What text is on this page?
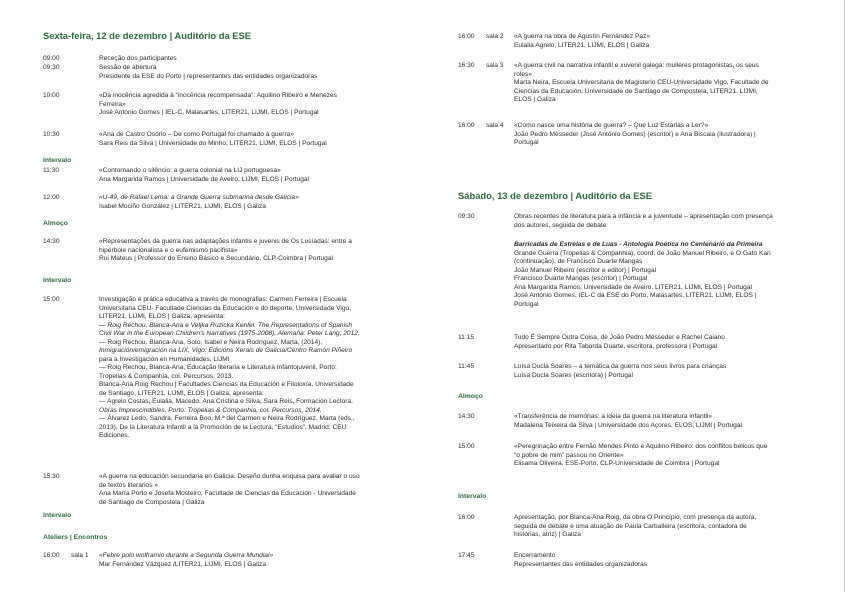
Sexta-feira, 12 de dezembro | Auditório da ESE
09:00	Receção dos participantes
09:30	Sessão de abertura
Presidente da ESE do Porto | representantes das entidades organizadoras
10:00	«Da inocência agredida à “inocência recompensada”: Aquilino Ribeiro e Menezes
Ferreira»
José António Gomes | IEL-C, Malasartes, LITER21, LIJMI, ELOS | Portugal
10:30	«Ana de Castro Osório – De como Portugal foi chamado à guerra»
Sara Reis da Silva | Universidade do Minho, LITER21, LIJMI, ELOS | Portugal
Intervalo
11:30	«Contornando o silêncio: a guerra colonial na LIJ portuguesa»
Ana Margarida Ramos | Universidade de Aveiro, LIJMI, ELOS | Portugal
12:00	«U-49, de Rafael Lema: a Grande Guerra submarina desde Galicia»
Isabel Mociño González | LITER21, LIJMI, ELOS | Galiza
Almoço
14:30	«Representações da guerra nas adaptações infantis e juvenis de Os Lusíadas: entre a
hipérbole nacionalista e o eufemismo pacifista»
Rui Mateus | Professor do Ensino Básico e Secundário, CLP-Coimbra | Portugal
Intervalo
15:00	Investigação e prática educativa a través de monografias: Carmen Ferreira | Escuela
Universitaria CEU- Facultade Ciencias da Educación e do deporte, Universidade Vigo,
LITER21, LIJMI, ELOS | Galiza, apresenta:
— Roig Rechou, Blanca-Ana e Veljka Ruzicka Kenfel. The Representations of Spanish
Civil War in the European Children's Narratives (1975-2008), Alemaña: Peter Lang, 2012.
— Roig Rechou, Blanca-Ana, Soto, Isabel e Neira Rodríguez, Marta, (2014),
Inmigración/emigración na LIX, Vigo: Edicións Xerais de Galicia/Centro Ramón Piñeiro
para a Investigación en Humanidades, LIJMI
— Roig Rechou, Blanca-Ana, Educação literaria e Literatura Infantojuvenil, Porto:
Tropelias & Companhia, col. Percursos, 2013.
Blanca-Ana Roig Rechou | Facultades Ciencias da Educación e Filoloxía, Universidade
de Santiago, LITER21, LIJMI, ELOS | Galiza, apresenta:
— Agrelo Costas, Eulalia, Macedo, Ana Cristina e Silva, Sara Reis, Formación Lectora.
Obras Imprescindibles, Porto: Tropelias & Companhia, col. Percursos, 2014.
— Álvarez Ledo, Sandra, Ferreira Boo, M.ª del Carmen e Neira Rodríguez, Marta (eds.,
2013), De la Literatura Infantil a la Promoción de la Lectura, “Estudios”, Madrid: CEU
Ediciones.
15:30	«A guerra na educación secundaria en Galicia. Deseño dunha enquisa para avaliar o uso
de textos literarios »
Ana María Porto e Josefa Mosteiro, Facultade de Ciencias da Educación - Universidade
de Santiago de Compostela | Galiza
Intervalo
Ateliers | Encontros
16:00 sala 1 «Febre polo wolframio durante a Segunda Guerra Mundial»
Mar Fernández Vázquez /LITER21, LIJMI, ELOS | Galiza
16:00 sala 2 «A guerra na obra de Agustín Fernández Paz»
Eulalia Agrelo, LITER21, LIJMI, ELOS | Galiza
16:30 sala 3 «A guerra civil na narrativa infantil e xuvenil galega: mulleres protagonistas, os seus
roles»
Marta Neira, Escuela Universitaria de Magisterio CEU-Universidade Vigo, Facultade de
Ciencias da Educación, Universidade de Santiago de Compostela, LITER21, LIJMI,
ELOS | Galiza
16:00 sala 4 «Como nasce uma história de guerra? – Que Luz Estarias a Ler?»
João Pedro Mésseder (José António Gomes) (escritor) e Ana Biscaia (ilustradora) |
Portugal
Sábado, 13 de dezembro | Auditório da ESE
09:30	Obras recentes de literatura para a infância e a juventude – apresentação com presença
dos autores, seguida de debate
Barricadas de Estrelas e de Luas - Antologia Poética no Centenário da Primeira
Grande Guerra (Tropelias & Companhia), coord. de João Manuel Ribeiro, e O Gato Kari
(continuação), de Francisco Duarte Mangas
João Manuel Ribeiro (escritor e editor) | Portugal
Francisco Duarte Mangas (escritor) | Portugal
Ana Margarida Ramos, Universidade de Aveiro, LITER21, LIJMI, ELOS | Portugal
José António Gomes, IEL-C da ESE do Porto, Malasartes, LITER21, LIJMI, ELOS |
Portugal
11:15	Tudo É Sempre Outra Coisa, de João Pedro Mésseder e Rachel Caiano
Apresentado por Rita Taborda Duarte, escritora, professora | Portugal
11:45	Luísa Ducla Soares – a temática da guerra nos seus livros para crianças
Luísa Ducla Soares (escritora) | Portugal
Almoço
14:30	«Transferência de memórias: a ideia da guerra na literatura infantil»
Madalena Teixeira da Silva | Universidade dos Açores, ELOS, LIJMI | Portugal
15:00	«Peregrinação entre Fernão Mendes Pinto e Aquilino Ribeiro: dos conflitos bélicos que
“o pobre de mim” passou no Oriente»
Elisama Oliveira, ESE-Porto, CLP-Universidade de Coimbra | Portugal
Intervalo
16:00	Apresentação, por Blanca-Ana Roig, da obra O Princípio, com presença da autora,
seguida de debate e uma atuação de Paula Carballeira (escritora, contadora de
histórias, atriz) | Galiza
17:45	Encerramento
Representantes das entidades organizadoras
